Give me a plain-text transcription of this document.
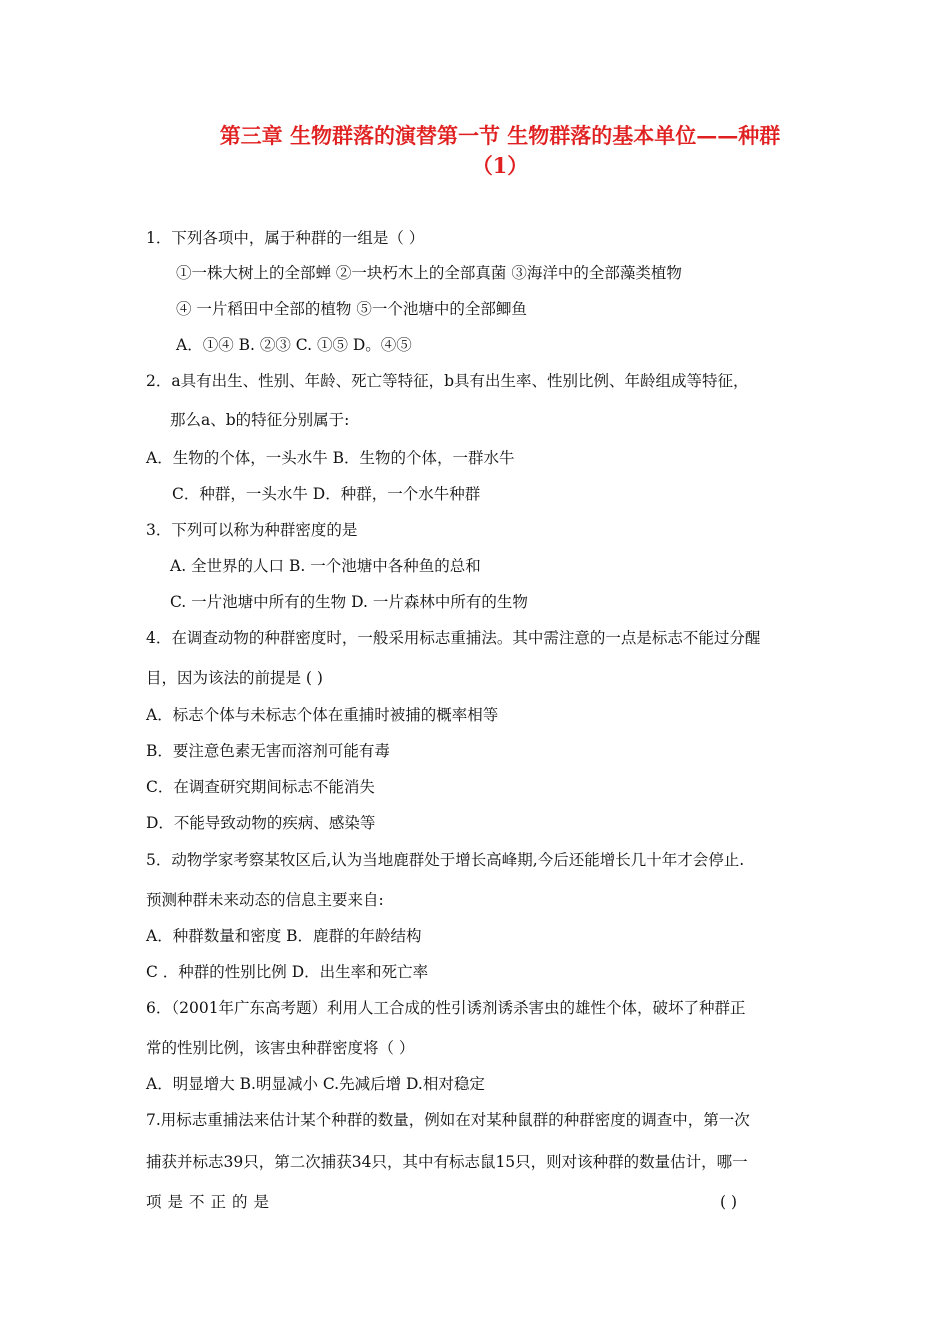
第三章 生物群落的演替第一节 生物群落的基本单位——种群
（1）
1．下列各项中，属于种群的一组是（ ）
①一株大树上的全部蝉 ②一块朽木上的全部真菌 ③海洋中的全部藻类植物
④ 一片稻田中全部的植物 ⑤一个池塘中的全部鲫鱼
A．①④ B. ②③ C. ①⑤ D。④⑤
2．a具有出生、性别、年龄、死亡等特征，b具有出生率、性别比例、年龄组成等特征，
那么a、b的特征分别属于:
A．生物的个体，一头水牛 B．生物的个体，一群水牛
C．种群，一头水牛 D．种群，一个水牛种群
3．下列可以称为种群密度的是
A. 全世界的人口 B. 一个池塘中各种鱼的总和
C. 一片池塘中所有的生物 D. 一片森林中所有的生物
4．在调查动物的种群密度时，一般采用标志重捕法。其中需注意的一点是标志不能过分醒
目，因为该法的前提是 ( )
A．标志个体与未标志个体在重捕时被捕的概率相等
B．要注意色素无害而溶剂可能有毒
C．在调查研究期间标志不能消失
D．不能导致动物的疾病、感染等
5．动物学家考察某牧区后,认为当地鹿群处于增长高峰期,今后还能增长几十年才会停止.
预测种群未来动态的信息主要来自:
A．种群数量和密度 B．鹿群的年龄结构
C ．种群的性别比例 D．出生率和死亡率
6．（2001年广东高考题）利用人工合成的性引诱剂诱杀害虫的雄性个体，破坏了种群正
常的性别比例，该害虫种群密度将（ ）
A．明显增大 B.明显减小 C.先减后增 D.相对稳定
7.用标志重捕法来估计某个种群的数量，例如在对某种鼠群的种群密度的调查中，第一次
捕获并标志39只，第二次捕获34只，其中有标志鼠15只，则对该种群的数量估计，哪一
项是不正的是	( )
